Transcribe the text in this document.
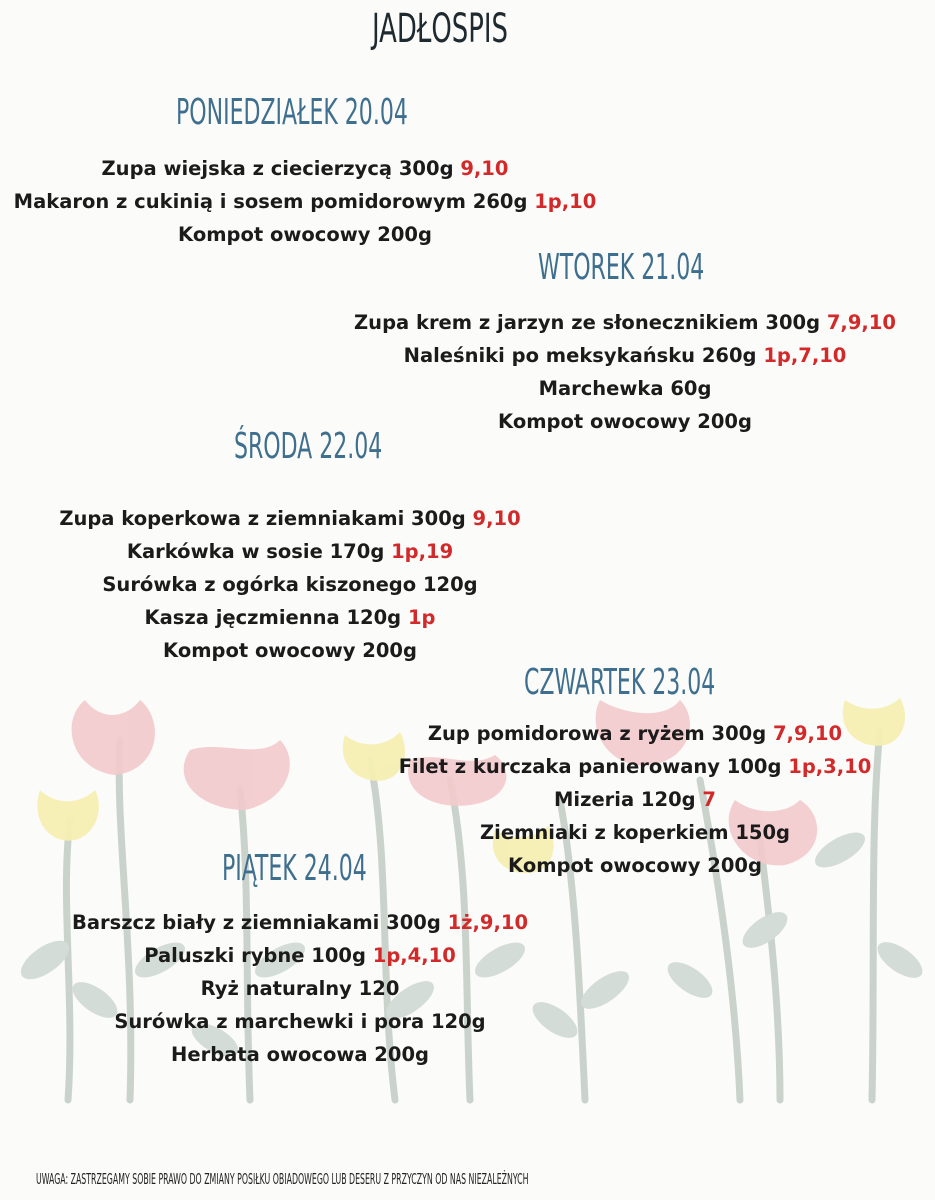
JADŁOSPIS
PONIEDZIAŁEK 20.04
Zupa wiejska z ciecierzycą 300g 9,10
Makaron z cukinią i sosem pomidorowym 260g 1p,10
Kompot owocowy 200g
WTOREK 21.04
Zupa krem z jarzyn ze słonecznikiem 300g 7,9,10
Naleśniki po meksykańsku 260g 1p,7,10
Marchewka 60g
Kompot owocowy 200g
ŚRODA 22.04
Zupa koperkowa z ziemniakami 300g 9,10
Karkówka w sosie 170g 1p,19
Surówka z ogórka kiszonego 120g
Kasza jęczmienna 120g 1p
Kompot owocowy 200g
CZWARTEK 23.04
Zup pomidorowa z ryżem 300g 7,9,10
Filet z kurczaka panierowany 100g 1p,3,10
Mizeria 120g 7
Ziemniaki z koperkiem 150g
Kompot owocowy 200g
PIĄTEK 24.04
Barszcz biały z ziemniakami 300g 1ż,9,10
Paluszki rybne 100g 1p,4,10
Ryż naturalny 120
Surówka z marchewki i pora 120g
Herbata owocowa 200g

UWAGA: ZASTRZEGAMY SOBIE PRAWO DO ZMIANY POSIŁKU OBIADOWEGO LUB DESERU Z PRZYCZYN OD NAS NIEZALEŻNYCH
